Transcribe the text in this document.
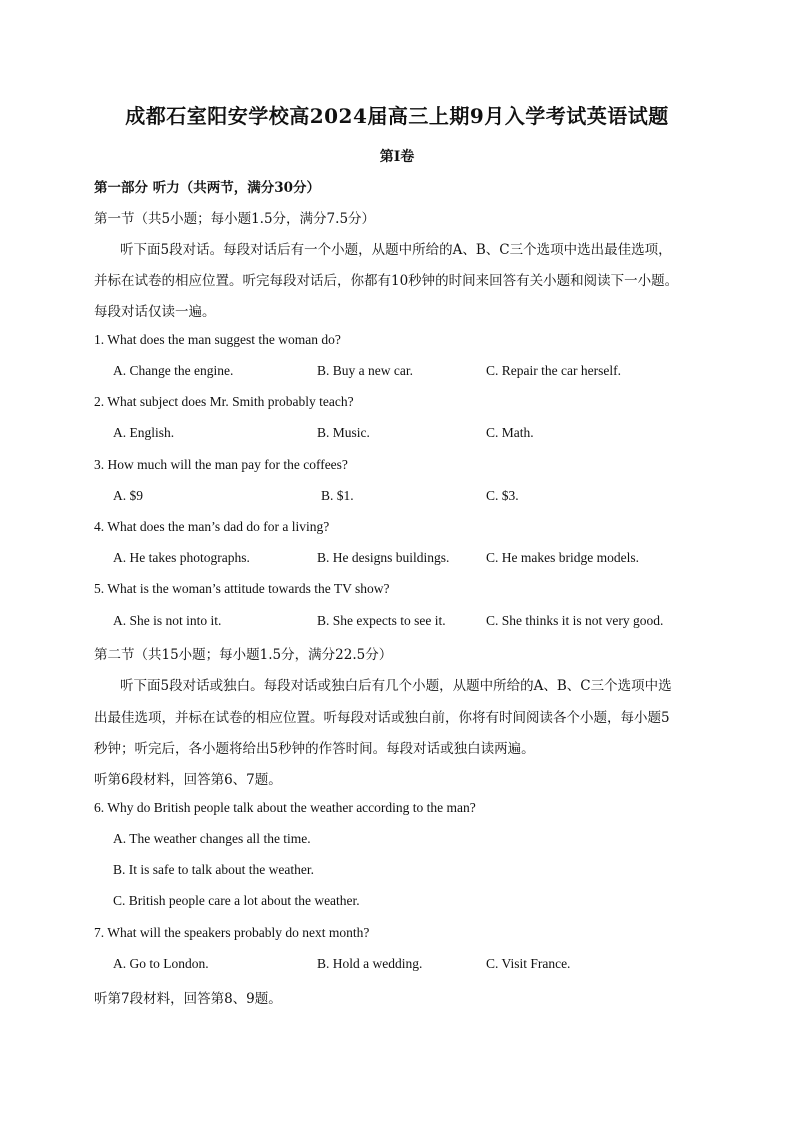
成都石室阳安学校高2024届高三上期9月入学考试英语试题
第I卷
第一部分 听力（共两节，满分30分）
第一节（共5小题；每小题1.5分，满分7.5分）
听下面5段对话。每段对话后有一个小题，从题中所给的A、B、C三个选项中选出最佳选项，
并标在试卷的相应位置。听完每段对话后，你都有10秒钟的时间来回答有关小题和阅读下一小题。
每段对话仅读一遍。
1. What does the man suggest the woman do?
A. Change the engine.	B. Buy a new car.	C. Repair the car herself.
2. What subject does Mr. Smith probably teach?
A. English.	B. Music.	C. Math.
3. How much will the man pay for the coffees?
A. $9	B. $1.	C. $3.
4. What does the man’s dad do for a living?
A. He takes photographs.	B. He designs buildings.	C. He makes bridge models.
5. What is the woman’s attitude towards the TV show?
A. She is not into it.	B. She expects to see it.	C. She thinks it is not very good.
第二节（共15小题；每小题1.5分，满分22.5分）
听下面5段对话或独白。每段对话或独白后有几个小题，从题中所给的A、B、C三个选项中选
出最佳选项，并标在试卷的相应位置。听每段对话或独白前，你将有时间阅读各个小题，每小题5
秒钟；听完后，各小题将给出5秒钟的作答时间。每段对话或独白读两遍。
听第6段材料，回答第6、7题。
6. Why do British people talk about the weather according to the man?
A. The weather changes all the time.
B. It is safe to talk about the weather.
C. British people care a lot about the weather.
7. What will the speakers probably do next month?
A. Go to London.	B. Hold a wedding.	C. Visit France.
听第7段材料，回答第8、9题。
